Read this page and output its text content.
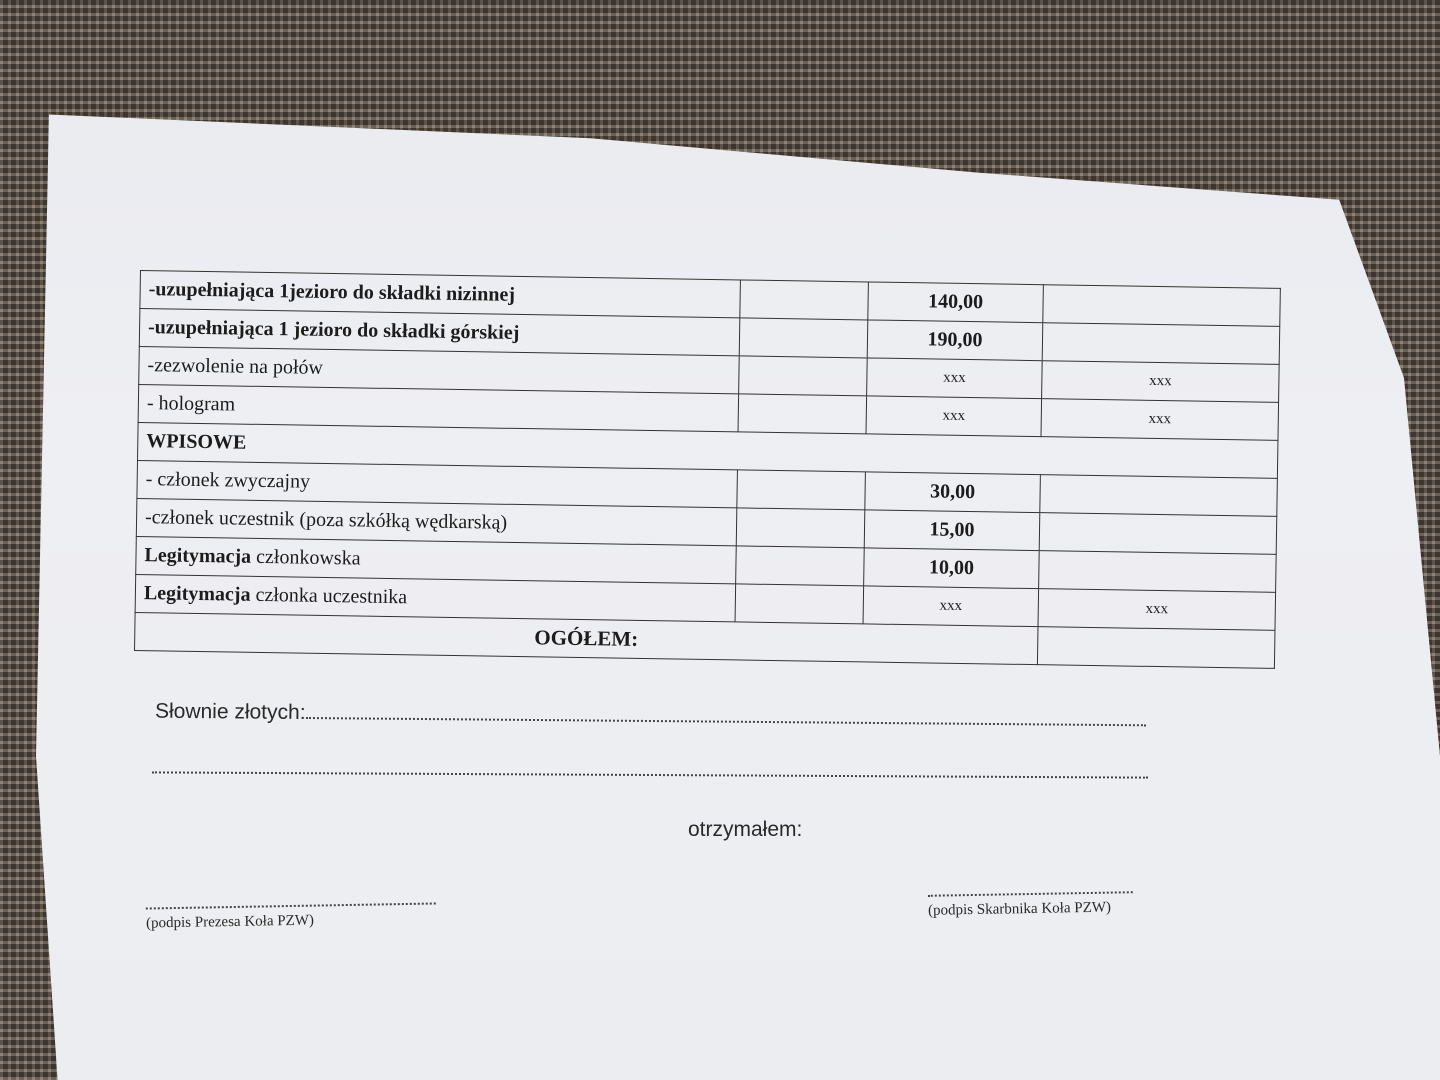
-uzupełniająca 1jezioro do składki nizinnej		140,00	
-uzupełniająca 1 jezioro do składki górskiej		190,00	
-zezwolenie na połów		xxx	xxx
- hologram		xxx	xxx
WPISOWE			
- członek zwyczajny		30,00	
-członek uczestnik (poza szkółką wędkarską)		15,00	
Legitymacja członkowska		10,00	
Legitymacja członka uczestnika		xxx	xxx
OGÓŁEM:			
Słownie złotych:
otrzymałem:
(podpis Prezesa Koła PZW)
(podpis Skarbnika Koła PZW)
